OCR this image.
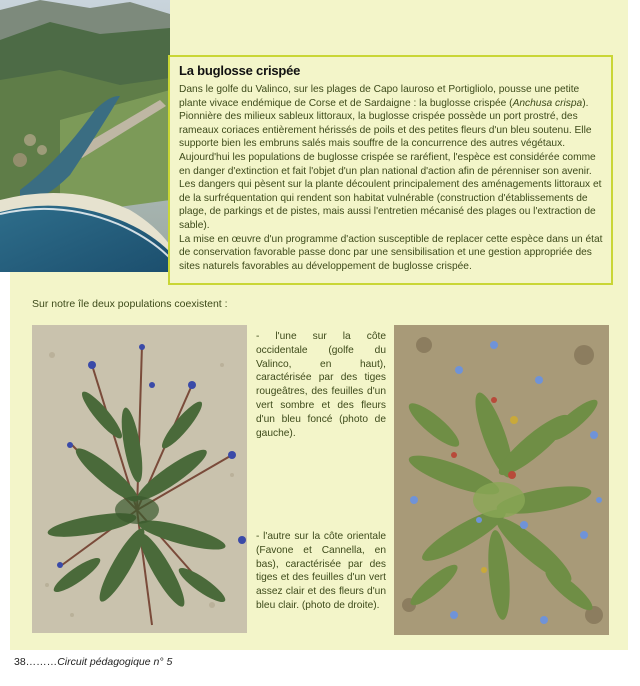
La buglosse crispée

Dans le golfe du Valinco, sur les plages de Capo lauroso et Portigliolo, pousse une petite plante vivace endémique de Corse et de Sardaigne : la buglosse crispée (Anchusa crispa). Pionnière des milieux sableux littoraux, la buglosse crispée possède un port prostré, des rameaux coriaces entièrement hérissés de poils et des petites fleurs d'un bleu soutenu. Elle supporte bien les embruns salés mais souffre de la concurrence des autres végétaux.

Aujourd'hui les populations de buglosse crispée se raréfient, l'espèce est considérée comme en danger d'extinction et fait l'objet d'un plan national d'action afin de pérenniser son avenir.

Les dangers qui pèsent sur la plante découlent principalement des aménagements littoraux et de la surfréquentation qui rendent son habitat vulnérable (construction d'établissements de plage, de parkings et de pistes, mais aussi l'entretien mécanisé des plages ou l'extraction de sable).

La mise en œuvre d'un programme d'action susceptible de replacer cette espèce dans un état de conservation favorable passe donc par une sensibilisation et une gestion appropriée des sites naturels favorables au développement de buglosse crispée.

Sur notre île deux populations coexistent :
- l'une sur la côte occidentale (golfe du Valinco, en haut), caractérisée par des tiges rougeâtres, des feuilles d'un vert sombre et des fleurs d'un bleu foncé (photo de gauche).
- l'autre sur la côte orientale (Favone et Cannella, en bas), caractérisée par des tiges et des feuilles d'un vert assez clair et des fleurs d'un bleu clair. (photo de droite).
38………Circuit pédagogique n° 5
